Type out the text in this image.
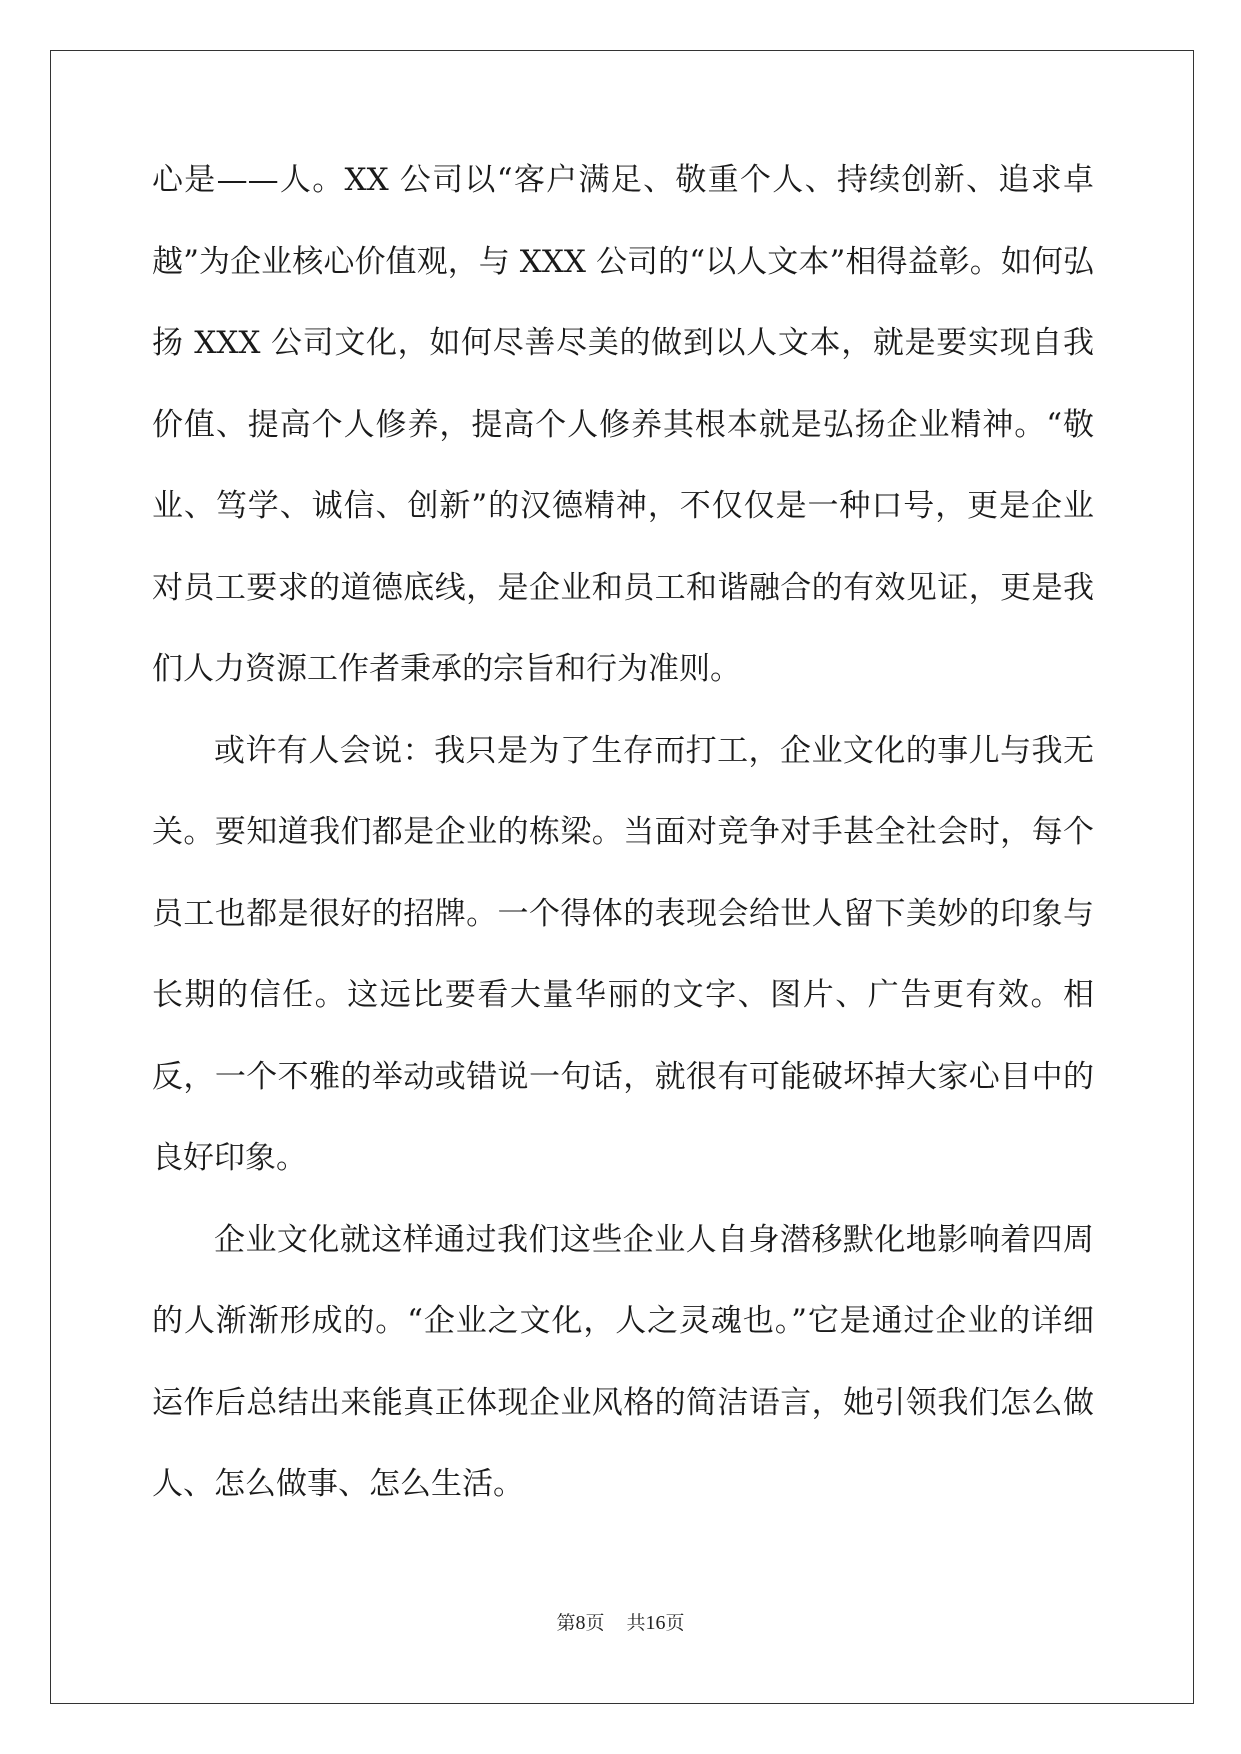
心是——人。XX 公司以“客户满足、敬重个人、持续创新、追求卓越”为企业核心价值观，与 XXX 公司的“以人文本”相得益彰。如何弘扬 XXX 公司文化，如何尽善尽美的做到以人文本，就是要实现自我价值、提高个人修养，提高个人修养其根本就是弘扬企业精神。“敬业、笃学、诚信、创新”的汉德精神，不仅仅是一种口号，更是企业对员工要求的道德底线，是企业和员工和谐融合的有效见证，更是我们人力资源工作者秉承的宗旨和行为准则。

或许有人会说：我只是为了生存而打工，企业文化的事儿与我无关。要知道我们都是企业的栋梁。当面对竞争对手甚全社会时，每个员工也都是很好的招牌。一个得体的表现会给世人留下美妙的印象与长期的信任。这远比要看大量华丽的文字、图片、广告更有效。相反，一个不雅的举动或错说一句话，就很有可能破坏掉大家心目中的良好印象。

企业文化就这样通过我们这些企业人自身潜移默化地影响着四周的人渐渐形成的。“企业之文化，人之灵魂也。”它是通过企业的详细运作后总结出来能真正体现企业风格的简洁语言，她引领我们怎么做人、怎么做事、怎么生活。

第8页 共16页
